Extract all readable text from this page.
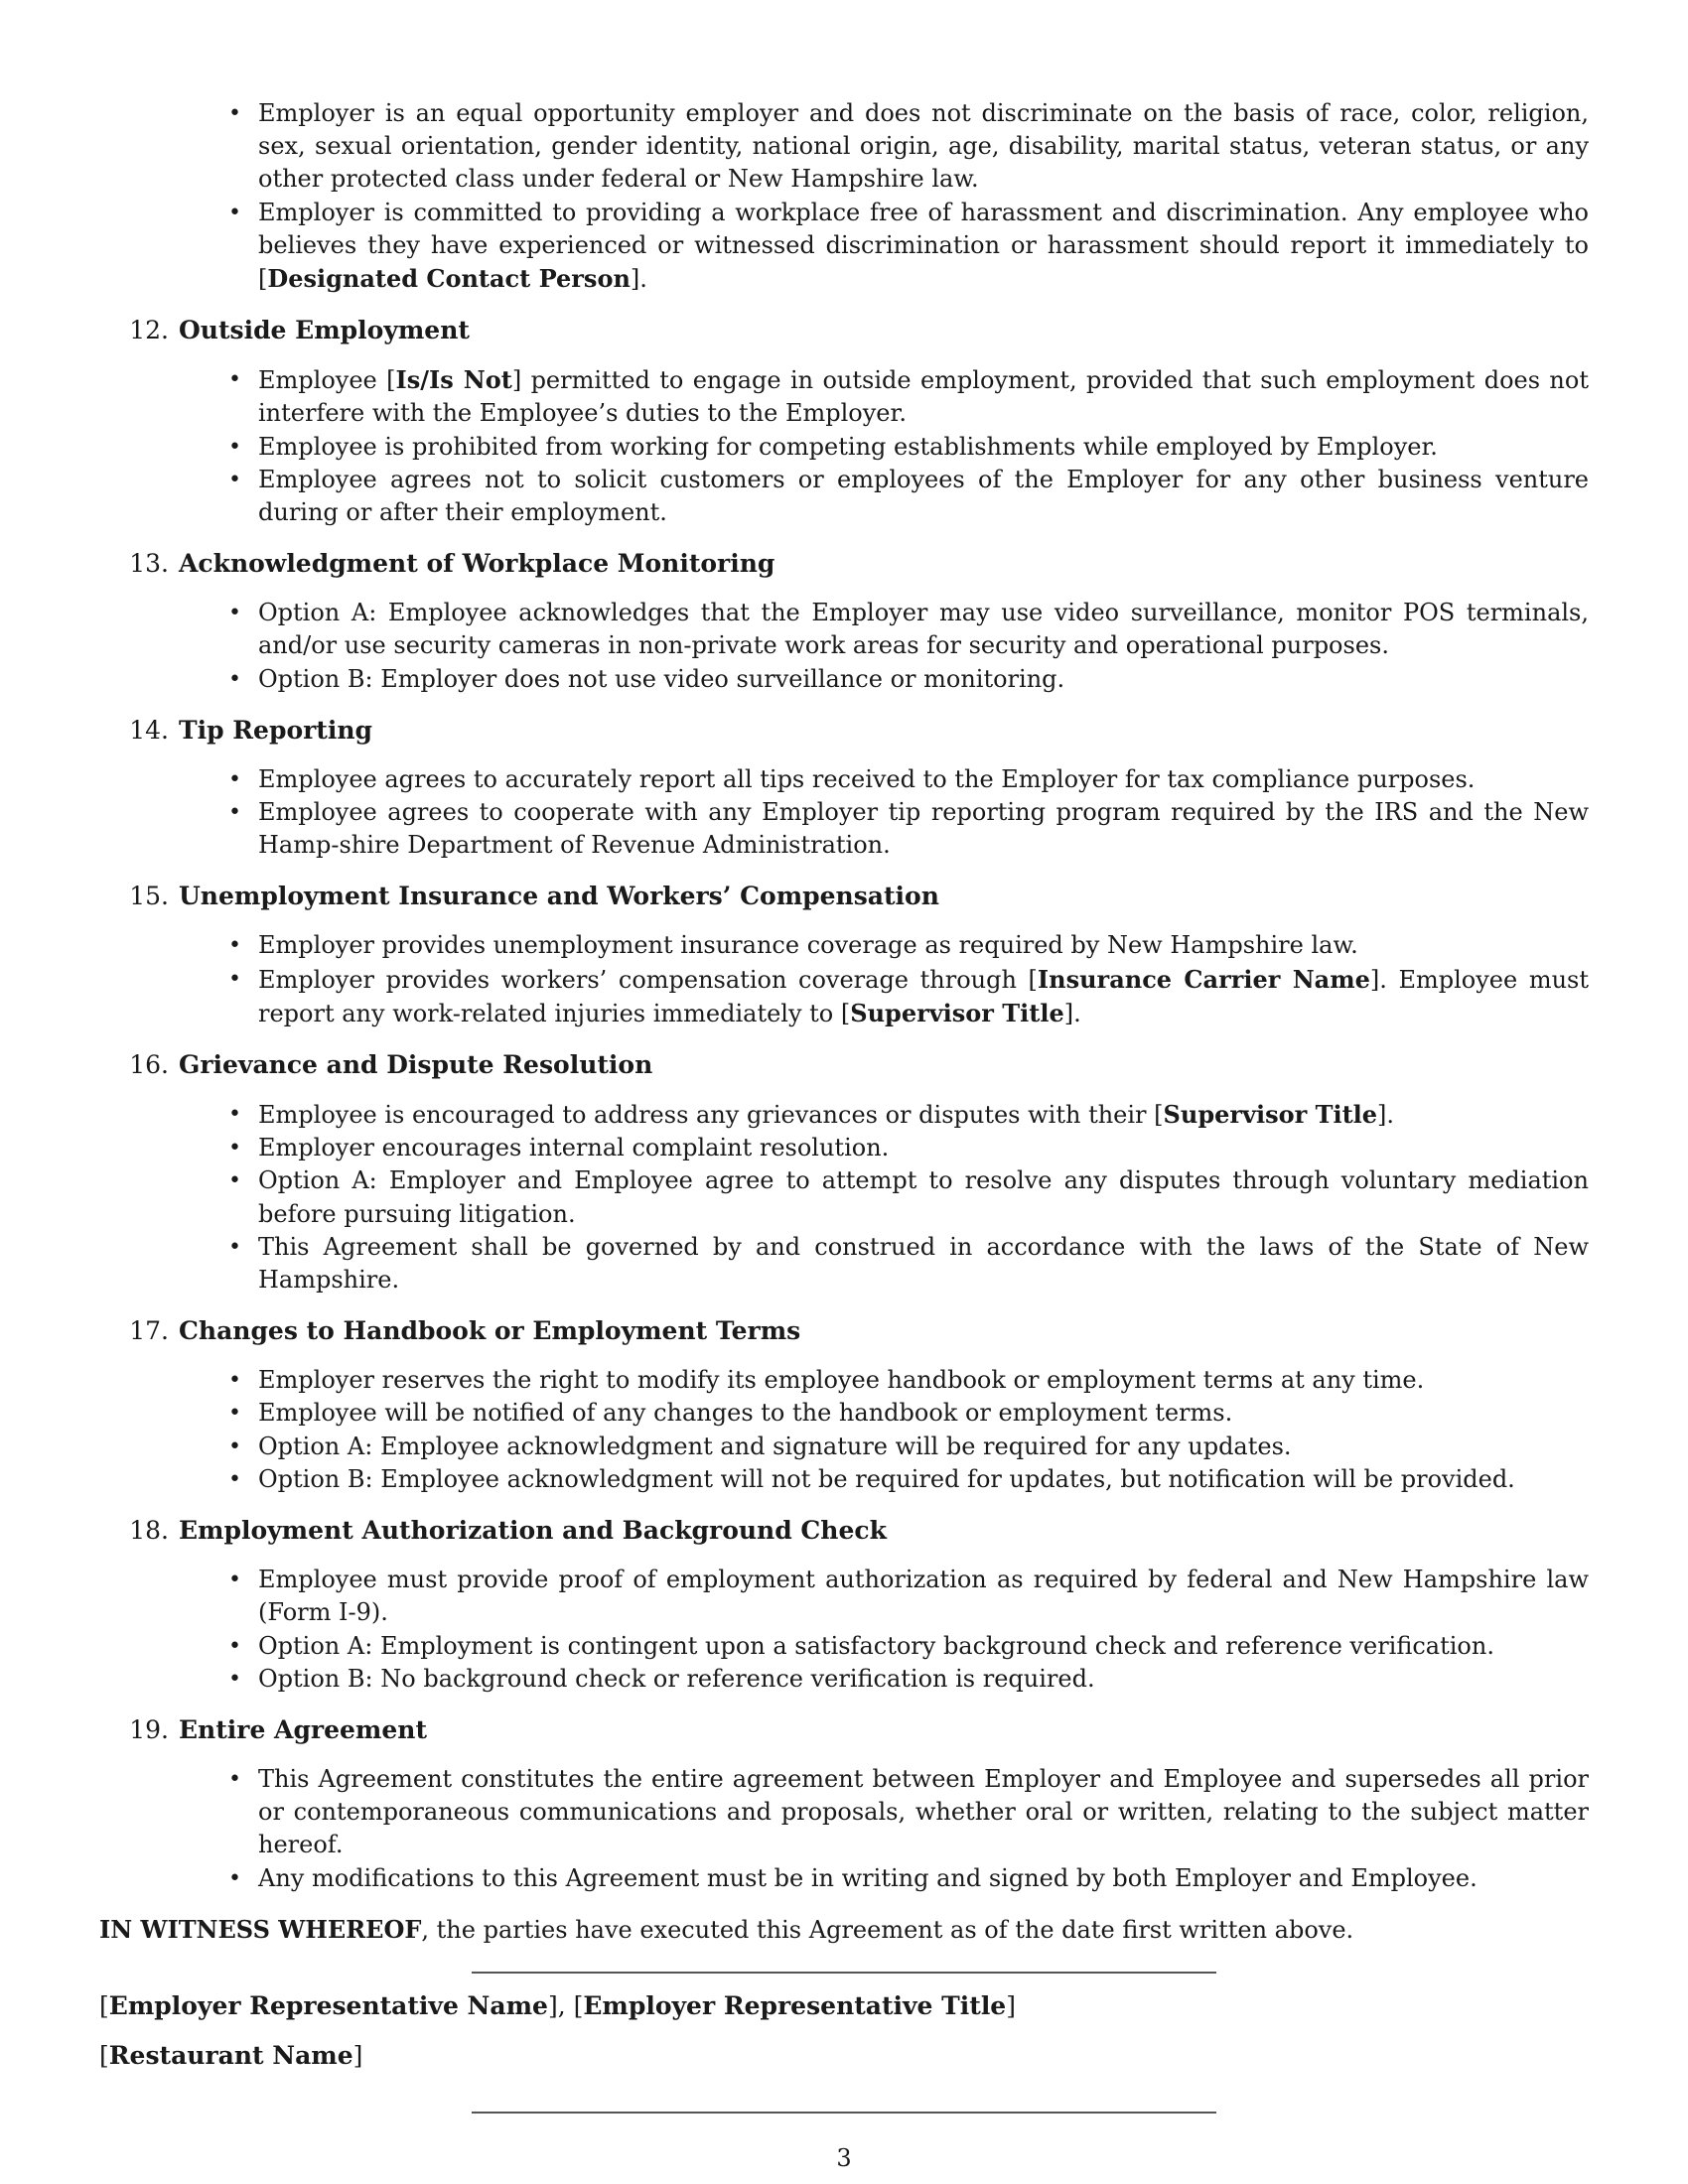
• Employer is an equal opportunity employer and does not discriminate on the basis of race, color, religion, sex, sexual orientation, gender identity, national origin, age, disability, marital status, veteran status, or any other protected class under federal or New Hampshire law.
• Employer is committed to providing a workplace free of harassment and discrimination. Any employee who believes they have experienced or witnessed discrimination or harassment should report it immediately to [Designated Contact Person].
12. Outside Employment
• Employee [Is/Is Not] permitted to engage in outside employment, provided that such employment does not interfere with the Employee’s duties to the Employer.
• Employee is prohibited from working for competing establishments while employed by Employer.
• Employee agrees not to solicit customers or employees of the Employer for any other business venture during or after their employment.
13. Acknowledgment of Workplace Monitoring
• Option A: Employee acknowledges that the Employer may use video surveillance, monitor POS terminals, and/or use security cameras in non-private work areas for security and operational purposes.
• Option B: Employer does not use video surveillance or monitoring.
14. Tip Reporting
• Employee agrees to accurately report all tips received to the Employer for tax compliance purposes.
• Employee agrees to cooperate with any Employer tip reporting program required by the IRS and the New Hamp-shire Department of Revenue Administration.
15. Unemployment Insurance and Workers’ Compensation
• Employer provides unemployment insurance coverage as required by New Hampshire law.
• Employer provides workers’ compensation coverage through [Insurance Carrier Name]. Employee must report any work-related injuries immediately to [Supervisor Title].
16. Grievance and Dispute Resolution
• Employee is encouraged to address any grievances or disputes with their [Supervisor Title].
• Employer encourages internal complaint resolution.
• Option A: Employer and Employee agree to attempt to resolve any disputes through voluntary mediation before pursuing litigation.
• This Agreement shall be governed by and construed in accordance with the laws of the State of New Hampshire.
17. Changes to Handbook or Employment Terms
• Employer reserves the right to modify its employee handbook or employment terms at any time.
• Employee will be notified of any changes to the handbook or employment terms.
• Option A: Employee acknowledgment and signature will be required for any updates.
• Option B: Employee acknowledgment will not be required for updates, but notification will be provided.
18. Employment Authorization and Background Check
• Employee must provide proof of employment authorization as required by federal and New Hampshire law (Form I-9).
• Option A: Employment is contingent upon a satisfactory background check and reference verification.
• Option B: No background check or reference verification is required.
19. Entire Agreement
• This Agreement constitutes the entire agreement between Employer and Employee and supersedes all prior or contemporaneous communications and proposals, whether oral or written, relating to the subject matter hereof.
• Any modifications to this Agreement must be in writing and signed by both Employer and Employee.
IN WITNESS WHEREOF, the parties have executed this Agreement as of the date first written above.
[Employer Representative Name], [Employer Representative Title]
[Restaurant Name]
3
